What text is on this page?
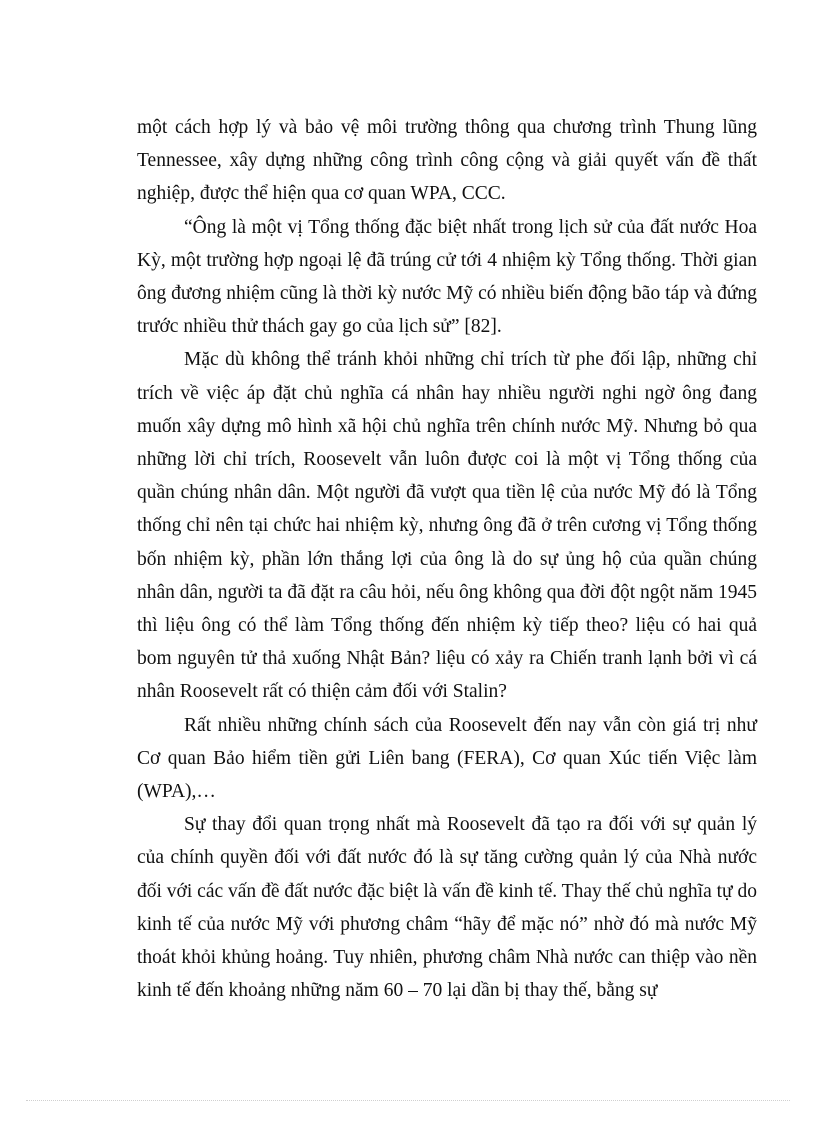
một cách hợp lý và bảo vệ môi trường thông qua chương trình Thung lũng Tennessee, xây dựng những công trình công cộng và giải quyết vấn đề thất nghiệp, được thể hiện qua cơ quan WPA, CCC.

“Ông là một vị Tổng thống đặc biệt nhất trong lịch sử của đất nước Hoa Kỳ, một trường hợp ngoại lệ đã trúng cử tới 4 nhiệm kỳ Tổng thống. Thời gian ông đương nhiệm cũng là thời kỳ nước Mỹ có nhiều biến động bão táp và đứng trước nhiều thử thách gay go của lịch sử” [82].

Mặc dù không thể tránh khỏi những chỉ trích từ phe đối lập, những chỉ trích về việc áp đặt chủ nghĩa cá nhân hay nhiều người nghi ngờ ông đang muốn xây dựng mô hình xã hội chủ nghĩa trên chính nước Mỹ. Nhưng bỏ qua những lời chỉ trích, Roosevelt vẫn luôn được coi là một vị Tổng thống của quần chúng nhân dân. Một người đã vượt qua tiền lệ của nước Mỹ đó là Tổng thống chỉ nên tại chức hai nhiệm kỳ, nhưng ông đã ở trên cương vị Tổng thống bốn nhiệm kỳ, phần lớn thắng lợi của ông là do sự ủng hộ của quần chúng nhân dân, người ta đã đặt ra câu hỏi, nếu ông không qua đời đột ngột năm 1945 thì liệu ông có thể làm Tổng thống đến nhiệm kỳ tiếp theo? liệu có hai quả bom nguyên tử thả xuống Nhật Bản? liệu có xảy ra Chiến tranh lạnh bởi vì cá nhân Roosevelt rất có thiện cảm đối với Stalin?

Rất nhiều những chính sách của Roosevelt đến nay vẫn còn giá trị như Cơ quan Bảo hiểm tiền gửi Liên bang (FERA), Cơ quan Xúc tiến Việc làm (WPA),…

Sự thay đổi quan trọng nhất mà Roosevelt đã tạo ra đối với sự quản lý của chính quyền đối với đất nước đó là sự tăng cường quản lý của Nhà nước đối với các vấn đề đất nước đặc biệt là vấn đề kinh tế. Thay thế chủ nghĩa tự do kinh tế của nước Mỹ với phương châm “hãy để mặc nó” nhờ đó mà nước Mỹ thoát khỏi khủng hoảng. Tuy nhiên, phương châm Nhà nước can thiệp vào nền kinh tế đến khoảng những năm 60 – 70 lại dần bị thay thế, bằng sự
